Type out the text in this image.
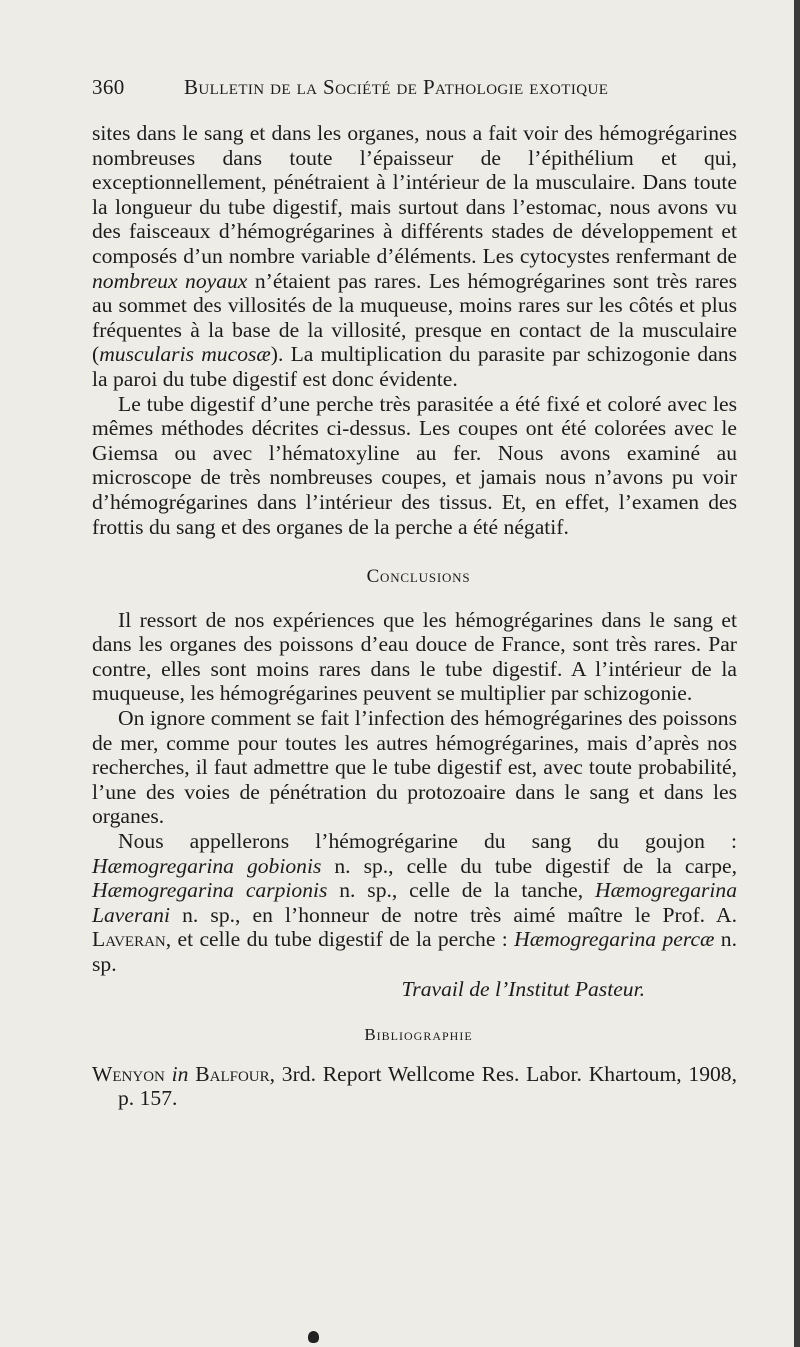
360	Bulletin de la Société de Pathologie exotique

sites dans le sang et dans les organes, nous a fait voir des hémogrégarines nombreuses dans toute l’épaisseur de l’épithélium et qui, exceptionnellement, pénétraient à l’intérieur de la musculaire. Dans toute la longueur du tube digestif, mais surtout dans l’estomac, nous avons vu des faisceaux d’hémogrégarines à différents stades de développement et composés d’un nombre variable d’éléments. Les cytocystes renfermant de nombreux noyaux n’étaient pas rares. Les hémogrégarines sont très rares au sommet des villosités de la muqueuse, moins rares sur les côtés et plus fréquentes à la base de la villosité, presque en contact de la musculaire (muscularis mucosæ). La multiplication du parasite par schizogonie dans la paroi du tube digestif est donc évidente.

Le tube digestif d’une perche très parasitée a été fixé et coloré avec les mêmes méthodes décrites ci-dessus. Les coupes ont été colorées avec le Giemsa ou avec l’hématoxyline au fer. Nous avons examiné au microscope de très nombreuses coupes, et jamais nous n’avons pu voir d’hémogrégarines dans l’intérieur des tissus. Et, en effet, l’examen des frottis du sang et des organes de la perche a été négatif.

Conclusions

Il ressort de nos expériences que les hémogrégarines dans le sang et dans les organes des poissons d’eau douce de France, sont très rares. Par contre, elles sont moins rares dans le tube digestif. A l’intérieur de la muqueuse, les hémogrégarines peuvent se multiplier par schizogonie.

On ignore comment se fait l’infection des hémogrégarines des poissons de mer, comme pour toutes les autres hémogrégarines, mais d’après nos recherches, il faut admettre que le tube digestif est, avec toute probabilité, l’une des voies de pénétration du protozoaire dans le sang et dans les organes.

Nous appellerons l’hémogrégarine du sang du goujon : Hæmogregarina gobionis n. sp., celle du tube digestif de la carpe, Hæmogregarina carpionis n. sp., celle de la tanche, Hæmogregarina Laverani n. sp., en l’honneur de notre très aimé maître le Prof. A. Laveran, et celle du tube digestif de la perche : Hæmogregarina percæ n. sp.

Travail de l’Institut Pasteur.

Bibliographie

Wenyon in Balfour, 3rd. Report Wellcome Res. Labor. Khartoum, 1908, p. 157.
